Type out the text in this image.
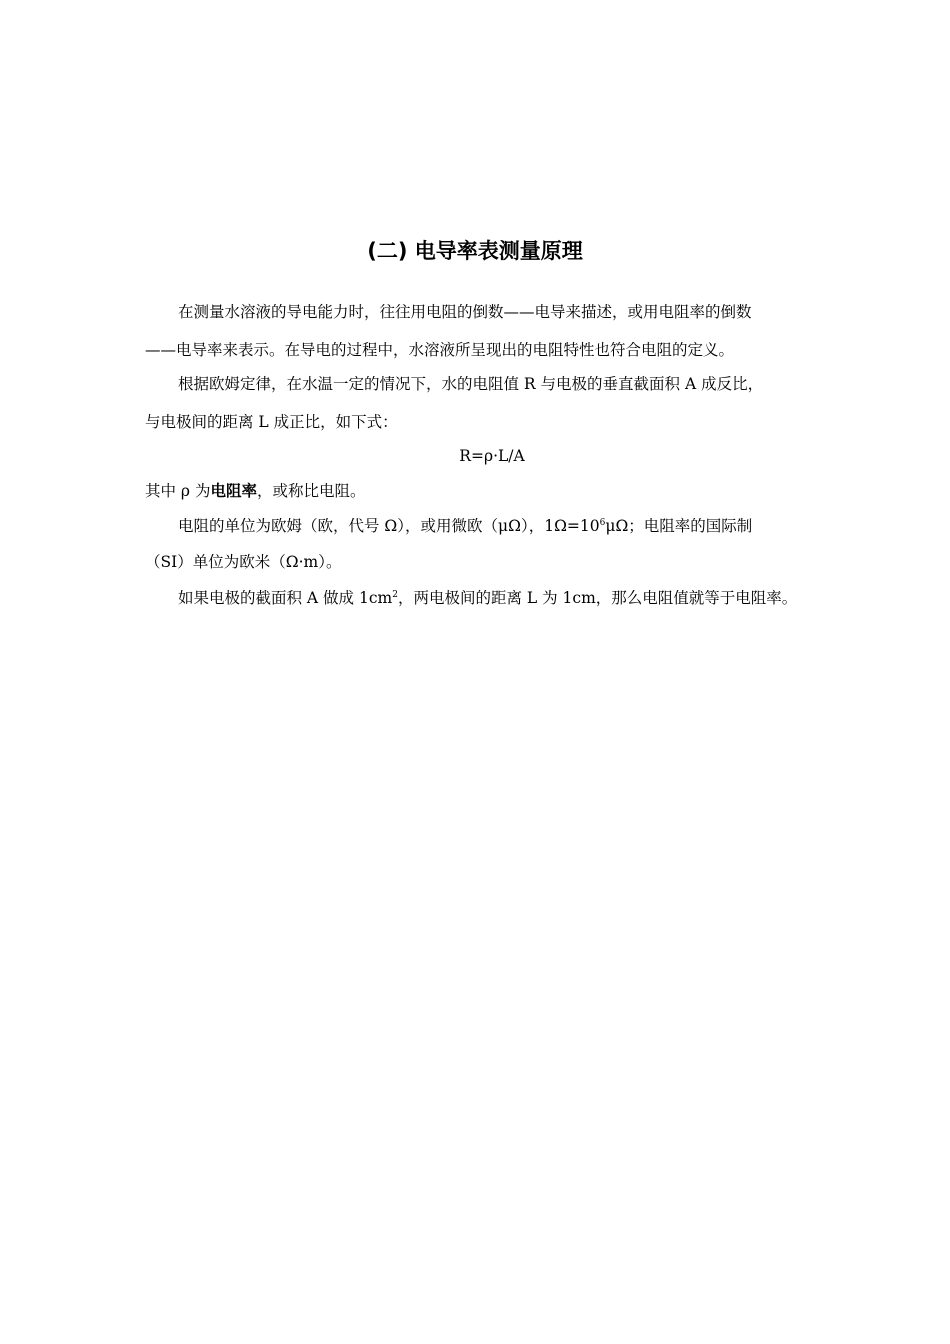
(二) 电导率表测量原理

在测量水溶液的导电能力时，往往用电阻的倒数——电导来描述，或用电阻率的倒数

——电导率来表示。在导电的过程中，水溶液所呈现出的电阻特性也符合电阻的定义。

根据欧姆定律，在水温一定的情况下，水的电阻值 R 与电极的垂直截面积 A 成反比，

与电极间的距离 L 成正比，如下式：

R=ρ·L/A

其中 ρ 为电阻率，或称比电阻。

电阻的单位为欧姆（欧，代号 Ω），或用微欧（μΩ），$1\Omega=10^6\mu\Omega$；电阻率的国际制

（SI）单位为欧米（Ω·m）。

如果电极的截面积 A 做成 $1cm^2$，两电极间的距离 L 为 1cm，那么电阻值就等于电阻率。
